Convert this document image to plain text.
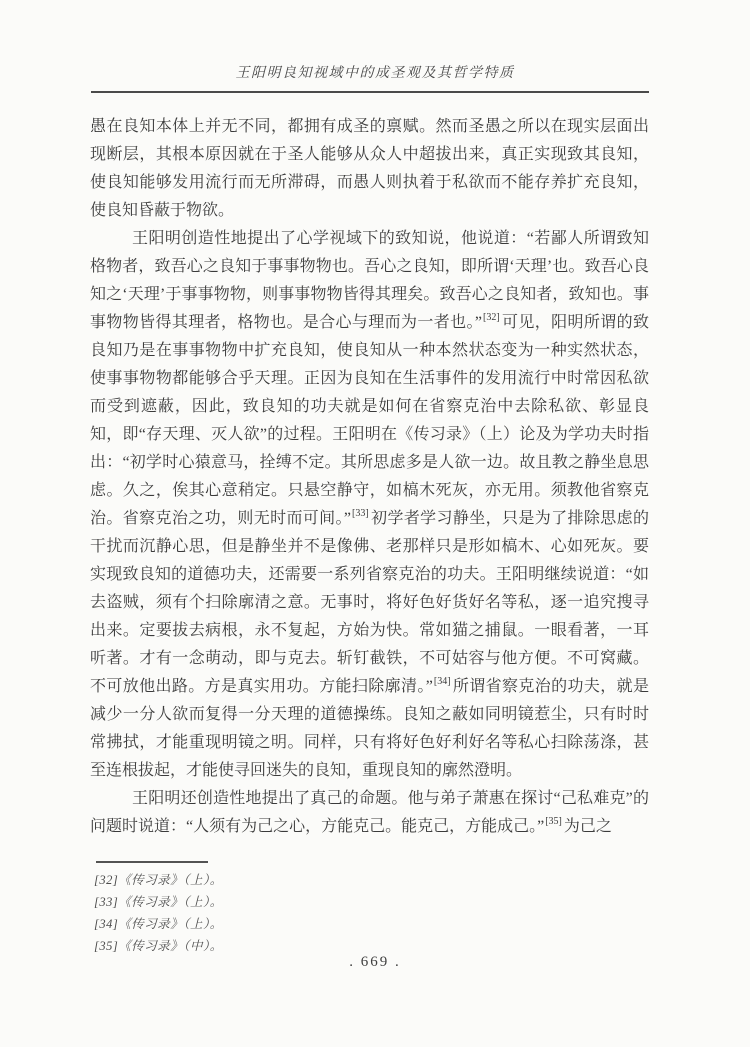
王阳明良知视域中的成圣观及其哲学特质

愚在良知本体上并无不同，都拥有成圣的禀赋。然而圣愚之所以在现实层面出现断层，其根本原因就在于圣人能够从众人中超拔出来，真正实现致其良知，使良知能够发用流行而无所滞碍，而愚人则执着于私欲而不能存养扩充良知，使良知昏蔽于物欲。

王阳明创造性地提出了心学视域下的致知说，他说道：“若鄙人所谓致知格物者，致吾心之良知于事事物物也。吾心之良知，即所谓‘天理’也。致吾心良知之‘天理’于事事物物，则事事物物皆得其理矣。致吾心之良知者，致知也。事事物物皆得其理者，格物也。是合心与理而为一者也。”[32] 可见，阳明所谓的致良知乃是在事事物物中扩充良知，使良知从一种本然状态变为一种实然状态，使事事物物都能够合乎天理。正因为良知在生活事件的发用流行中时常因私欲而受到遮蔽，因此，致良知的功夫就是如何在省察克治中去除私欲、彰显良知，即“存天理、灭人欲”的过程。王阳明在《传习录》（上）论及为学功夫时指出：“初学时心猿意马，拴缚不定。其所思虑多是人欲一边。故且教之静坐息思虑。久之，俟其心意稍定。只悬空静守，如槁木死灰，亦无用。须教他省察克治。省察克治之功，则无时而可间。”[33] 初学者学习静坐，只是为了排除思虑的干扰而沉静心思，但是静坐并不是像佛、老那样只是形如槁木、心如死灰。要实现致良知的道德功夫，还需要一系列省察克治的功夫。王阳明继续说道：“如去盗贼，须有个扫除廓清之意。无事时，将好色好货好名等私，逐一追究搜寻出来。定要拔去病根，永不复起，方始为快。常如猫之捕鼠。一眼看著，一耳听著。才有一念萌动，即与克去。斩钉截铁，不可姑容与他方便。不可窝藏。不可放他出路。方是真实用功。方能扫除廓清。”[34] 所谓省察克治的功夫，就是减少一分人欲而复得一分天理的道德操练。良知之蔽如同明镜惹尘，只有时时常拂拭，才能重现明镜之明。同样，只有将好色好利好名等私心扫除荡涤，甚至连根拔起，才能使寻回迷失的良知，重现良知的廓然澄明。

王阳明还创造性地提出了真己的命题。他与弟子萧惠在探讨“己私难克”的问题时说道：“人须有为己之心，方能克己。能克己，方能成己。”[35] 为己之

[32]《传习录》（上）。
[33]《传习录》（上）。
[34]《传习录》（上）。
[35]《传习录》（中）。
. 669 .
